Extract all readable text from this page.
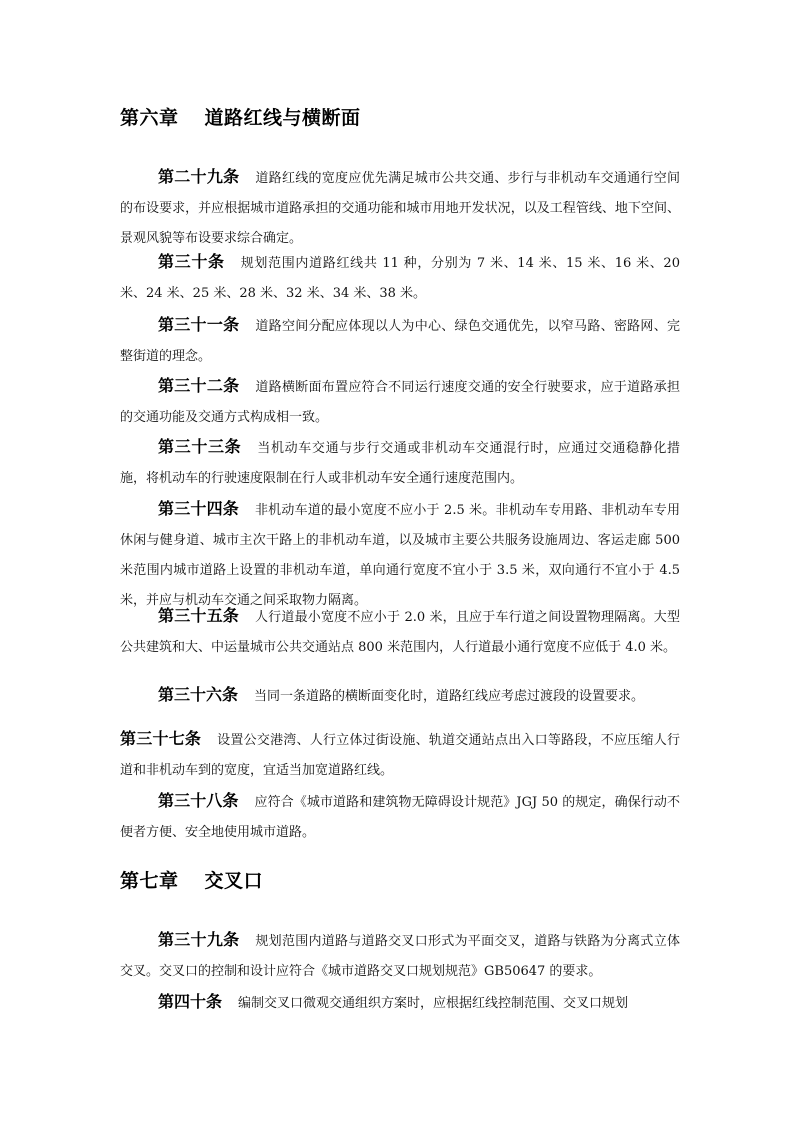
第六章 道路红线与横断面

第二十九条 道路红线的宽度应优先满足城市公共交通、步行与非机动车交通通行空间的布设要求，并应根据城市道路承担的交通功能和城市用地开发状况，以及工程管线、地下空间、景观风貌等布设要求综合确定。

第三十条 规划范围内道路红线共 11 种，分别为 7 米、14 米、15 米、16 米、20 米、24 米、25 米、28 米、32 米、34 米、38 米。

第三十一条 道路空间分配应体现以人为中心、绿色交通优先，以窄马路、密路网、完整街道的理念。

第三十二条 道路横断面布置应符合不同运行速度交通的安全行驶要求，应于道路承担的交通功能及交通方式构成相一致。

第三十三条 当机动车交通与步行交通或非机动车交通混行时，应通过交通稳静化措施，将机动车的行驶速度限制在行人或非机动车安全通行速度范围内。

第三十四条 非机动车道的最小宽度不应小于 2.5 米。非机动车专用路、非机动车专用休闲与健身道、城市主次干路上的非机动车道，以及城市主要公共服务设施周边、客运走廊 500 米范围内城市道路上设置的非机动车道，单向通行宽度不宜小于 3.5 米，双向通行不宜小于 4.5 米，并应与机动车交通之间采取物力隔离。

第三十五条 人行道最小宽度不应小于 2.0 米，且应于车行道之间设置物理隔离。大型公共建筑和大、中运量城市公共交通站点 800 米范围内，人行道最小通行宽度不应低于 4.0 米。

第三十六条 当同一条道路的横断面变化时，道路红线应考虑过渡段的设置要求。

第三十七条 设置公交港湾、人行立体过街设施、轨道交通站点出入口等路段，不应压缩人行道和非机动车到的宽度，宜适当加宽道路红线。

第三十八条 应符合《城市道路和建筑物无障碍设计规范》JGJ 50 的规定，确保行动不便者方便、安全地使用城市道路。

第七章 交叉口

第三十九条 规划范围内道路与道路交叉口形式为平面交叉，道路与铁路为分离式立体交叉。交叉口的控制和设计应符合《城市道路交叉口规划规范》GB50647 的要求。

第四十条 编制交叉口微观交通组织方案时，应根据红线控制范围、交叉口规划
